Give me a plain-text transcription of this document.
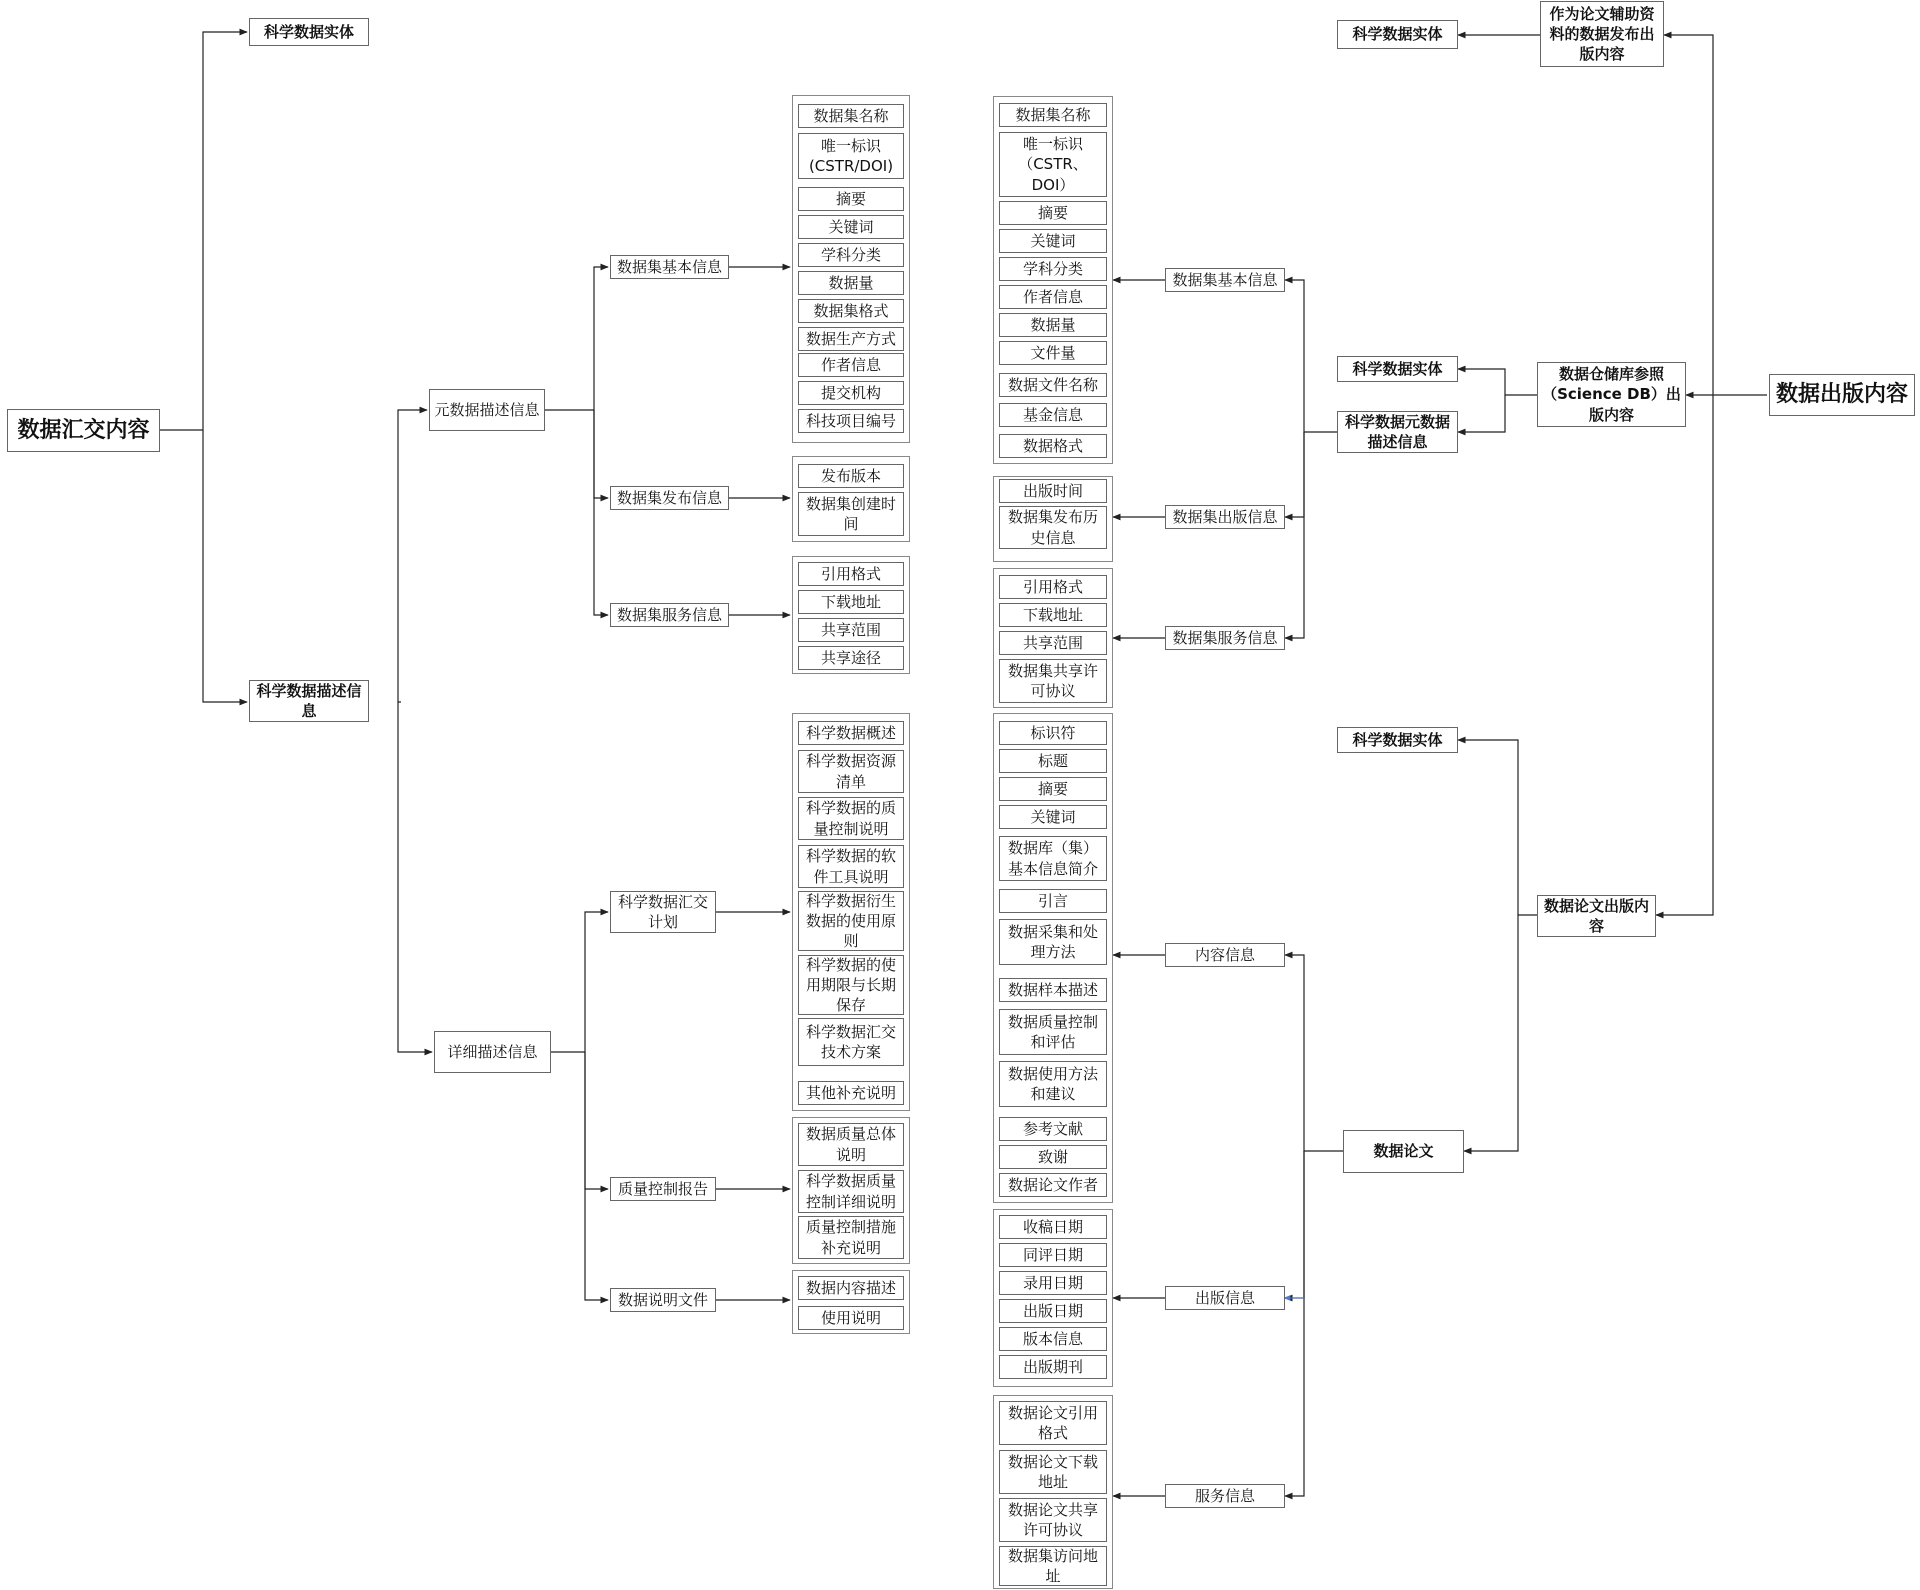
数据汇交内容
科学数据实体
科学数据描述信息
元数据描述信息
详细描述信息
数据集基本信息
数据集发布信息
数据集服务信息
科学数据汇交计划
质量控制报告
数据说明文件
数据集名称
唯一标识(CSTR/DOI)
摘要
关键词
学科分类
数据量
数据集格式
数据生产方式
作者信息
提交机构
科技项目编号
发布版本
数据集创建时间
引用格式
下载地址
共享范围
共享途径
科学数据概述
科学数据资源清单
科学数据的质量控制说明
科学数据的软件工具说明
科学数据衍生数据的使用原则
科学数据的使用期限与长期保存
科学数据汇交技术方案
其他补充说明
数据质量总体说明
科学数据质量控制详细说明
质量控制措施补充说明
数据内容描述
使用说明
数据出版内容
作为论文辅助资料的数据发布出版内容
科学数据实体
数据仓储库参照（Science DB）出版内容
科学数据实体
科学数据元数据描述信息
数据论文出版内容
科学数据实体
数据论文
数据集基本信息
数据集出版信息
数据集服务信息
内容信息
出版信息
服务信息
数据集名称
唯一标识（CSTR、DOI）
摘要
关键词
学科分类
作者信息
数据量
文件量
数据文件名称
基金信息
数据格式
出版时间
数据集发布历史信息
引用格式
下载地址
共享范围
数据集共享许可协议
标识符
标题
摘要
关键词
数据库（集）基本信息简介
引言
数据采集和处理方法
数据样本描述
数据质量控制和评估
数据使用方法和建议
参考文献
致谢
数据论文作者
收稿日期
同评日期
录用日期
出版日期
版本信息
出版期刊
数据论文引用格式
数据论文下载地址
数据论文共享许可协议
数据集访问地址
